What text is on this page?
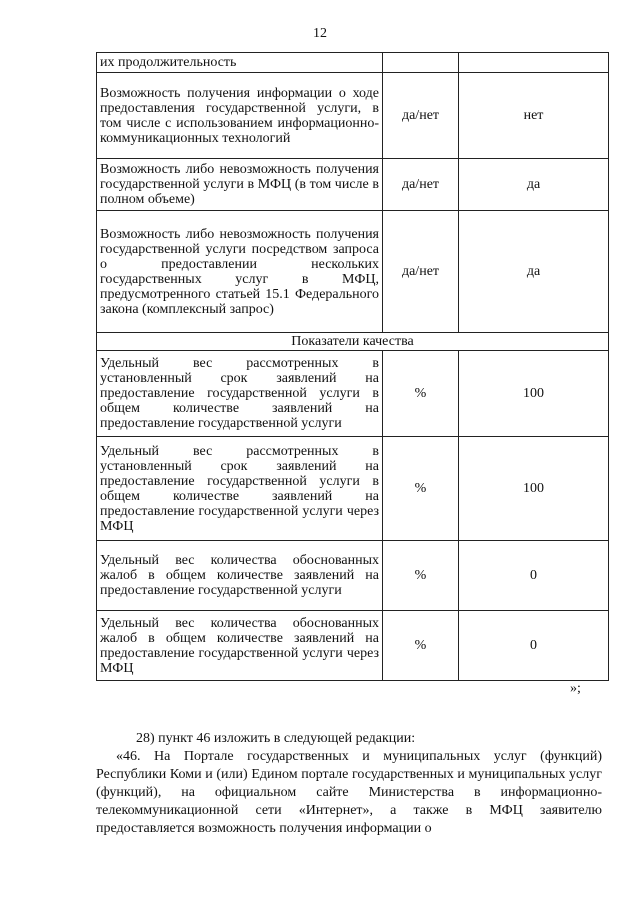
12
их продолжительность		
Возможность получения информации о ходе предоставления государственной услуги, в том числе с использованием информационно-коммуникационных технологий	да/нет	нет
Возможность либо невозможность получения государственной услуги в МФЦ (в том числе в полном объеме)	да/нет	да
Возможность либо невозможность получения государственной услуги посредством запроса о предоставлении нескольких государственных услуг в МФЦ, предусмотренного статьей 15.1 Федерального закона (комплексный запрос)	да/нет	да
Показатели качества		
Удельный вес рассмотренных в установленный срок заявлений на предоставление государственной услуги в общем количестве заявлений на предоставление государственной услуги	%	100
Удельный вес рассмотренных в установленный срок заявлений на предоставление государственной услуги в общем количестве заявлений на предоставление государственной услуги через МФЦ	%	100
Удельный вес количества обоснованных жалоб в общем количестве заявлений на предоставление государственной услуги	%	0
Удельный вес количества обоснованных жалоб в общем количестве заявлений на предоставление государственной услуги через МФЦ	%	0
»;

28) пункт 46 изложить в следующей редакции:

«46. На Портале государственных и муниципальных услуг (функций) Республики Коми и (или) Едином портале государственных и муниципальных услуг (функций), на официальном сайте Министерства в информационно-телекоммуникационной сети «Интернет», а также в МФЦ заявителю предоставляется возможность получения информации о
